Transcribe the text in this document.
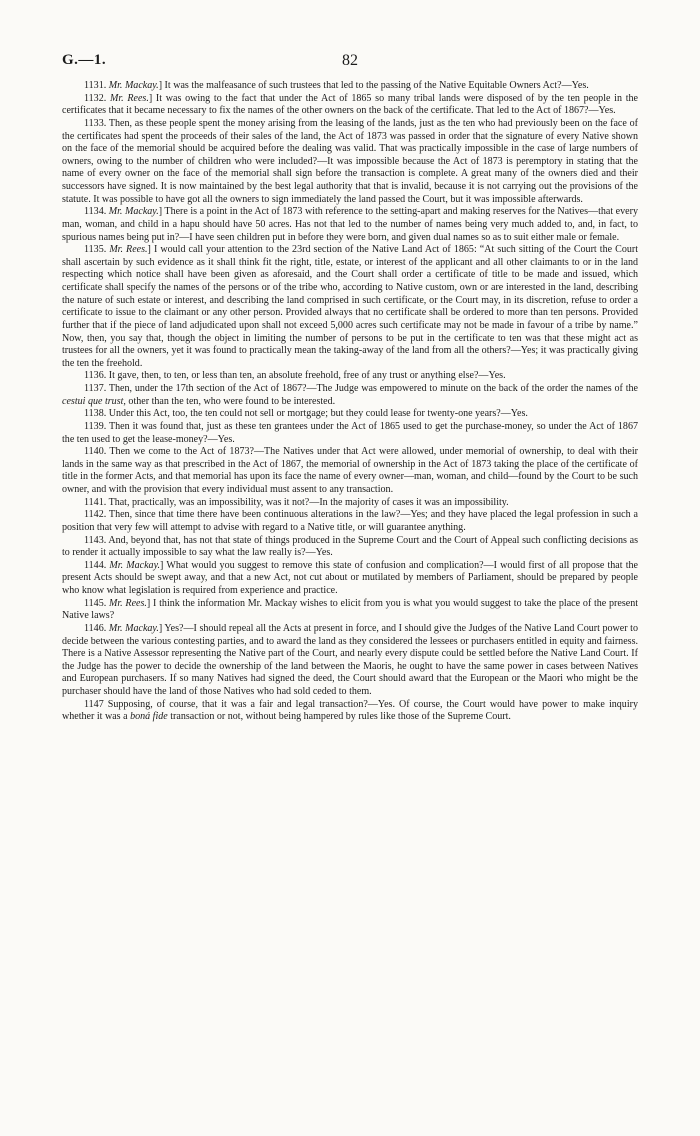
G.—1.	82

1131. Mr. Mackay.] It was the malfeasance of such trustees that led to the passing of the Native Equitable Owners Act?—Yes.

1132. Mr. Rees.] It was owing to the fact that under the Act of 1865 so many tribal lands were disposed of by the ten people in the certificates that it became necessary to fix the names of the other owners on the back of the certificate. That led to the Act of 1867?—Yes.

1133. Then, as these people spent the money arising from the leasing of the lands, just as the ten who had previously been on the face of the certificates had spent the proceeds of their sales of the land, the Act of 1873 was passed in order that the signature of every Native shown on the face of the memorial should be acquired before the dealing was valid. That was practically impossible in the case of large numbers of owners, owing to the number of children who were included?—It was impossible because the Act of 1873 is peremptory in stating that the name of every owner on the face of the memorial shall sign before the transaction is complete. A great many of the owners died and their successors have signed. It is now maintained by the best legal authority that that is invalid, because it is not carrying out the provisions of the statute. It was possible to have got all the owners to sign immediately the land passed the Court, but it was impossible afterwards.

1134. Mr. Mackay.] There is a point in the Act of 1873 with reference to the setting-apart and making reserves for the Natives—that every man, woman, and child in a hapu should have 50 acres. Has not that led to the number of names being very much added to, and, in fact, to spurious names being put in?—I have seen children put in before they were born, and given dual names so as to suit either male or female.

1135. Mr. Rees.] I would call your attention to the 23rd section of the Native Land Act of 1865: “At such sitting of the Court the Court shall ascertain by such evidence as it shall think fit the right, title, estate, or interest of the applicant and all other claimants to or in the land respecting which notice shall have been given as aforesaid, and the Court shall order a certificate of title to be made and issued, which certificate shall specify the names of the persons or of the tribe who, according to Native custom, own or are interested in the land, describing the nature of such estate or interest, and describing the land comprised in such certificate, or the Court may, in its discretion, refuse to order a certificate to issue to the claimant or any other person. Provided always that no certificate shall be ordered to more than ten persons. Provided further that if the piece of land adjudicated upon shall not exceed 5,000 acres such certificate may not be made in favour of a tribe by name.” Now, then, you say that, though the object in limiting the number of persons to be put in the certificate to ten was that these might act as trustees for all the owners, yet it was found to practically mean the taking-away of the land from all the others?—Yes; it was practically giving the ten the freehold.

1136. It gave, then, to ten, or less than ten, an absolute freehold, free of any trust or anything else?—Yes.

1137. Then, under the 17th section of the Act of 1867?—The Judge was empowered to minute on the back of the order the names of the cestui que trust, other than the ten, who were found to be interested.

1138. Under this Act, too, the ten could not sell or mortgage; but they could lease for twenty-one years?—Yes.

1139. Then it was found that, just as these ten grantees under the Act of 1865 used to get the purchase-money, so under the Act of 1867 the ten used to get the lease-money?—Yes.

1140. Then we come to the Act of 1873?—The Natives under that Act were allowed, under memorial of ownership, to deal with their lands in the same way as that prescribed in the Act of 1867, the memorial of ownership in the Act of 1873 taking the place of the certificate of title in the former Acts, and that memorial has upon its face the name of every owner—man, woman, and child—found by the Court to be such owner, and with the provision that every individual must assent to any transaction.

1141. That, practically, was an impossibility, was it not?—In the majority of cases it was an impossibility.

1142. Then, since that time there have been continuous alterations in the law?—Yes; and they have placed the legal profession in such a position that very few will attempt to advise with regard to a Native title, or will guarantee anything.

1143. And, beyond that, has not that state of things produced in the Supreme Court and the Court of Appeal such conflicting decisions as to render it actually impossible to say what the law really is?—Yes.

1144. Mr. Mackay.] What would you suggest to remove this state of confusion and complication?—I would first of all propose that the present Acts should be swept away, and that a new Act, not cut about or mutilated by members of Parliament, should be prepared by people who know what legislation is required from experience and practice.

1145. Mr. Rees.] I think the information Mr. Mackay wishes to elicit from you is what you would suggest to take the place of the present Native laws?

1146. Mr. Mackay.] Yes?—I should repeal all the Acts at present in force, and I should give the Judges of the Native Land Court power to decide between the various contesting parties, and to award the land as they considered the lessees or purchasers entitled in equity and fairness. There is a Native Assessor representing the Native part of the Court, and nearly every dispute could be settled before the Native Land Court. If the Judge has the power to decide the ownership of the land between the Maoris, he ought to have the same power in cases between Natives and European purchasers. If so many Natives had signed the deed, the Court should award that the European or the Maori who might be the purchaser should have the land of those Natives who had sold ceded to them.

1147 Supposing, of course, that it was a fair and legal transaction?—Yes. Of course, the Court would have power to make inquiry whether it was a boná fide transaction or not, without being hampered by rules like those of the Supreme Court.
